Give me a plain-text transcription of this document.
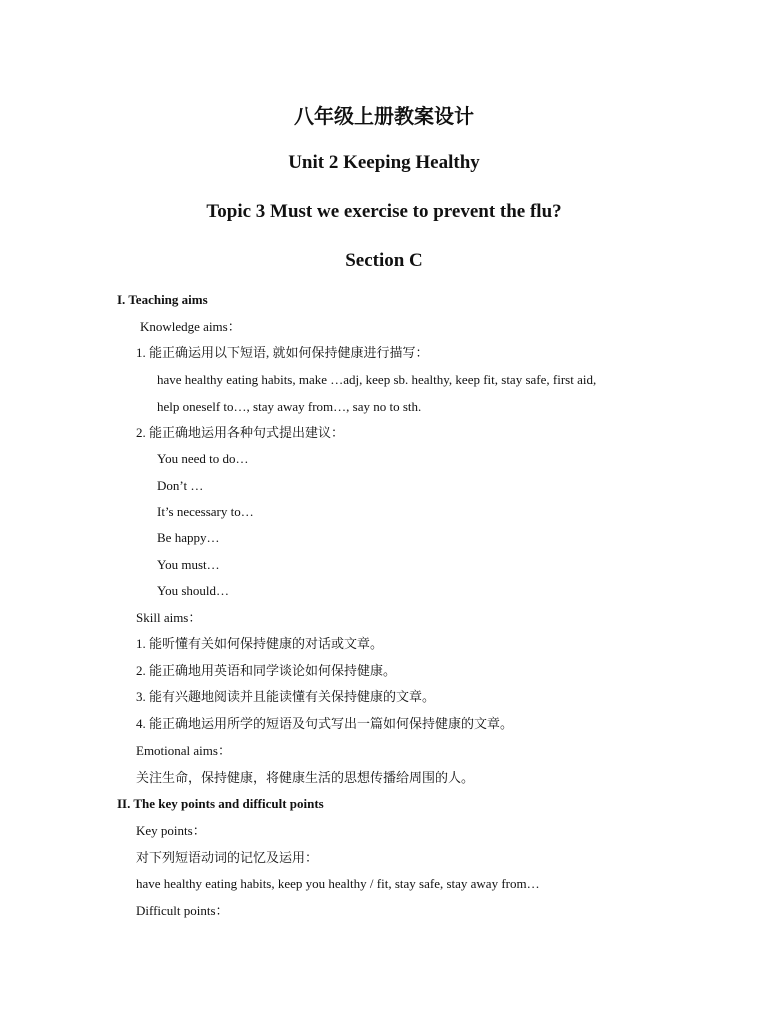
八年级上册教案设计
Unit 2 Keeping Healthy
Topic 3 Must we exercise to prevent the flu?
Section C
I. Teaching aims
Knowledge aims：
1. 能正确运用以下短语, 就如何保持健康进行描写：
have healthy eating habits, make …adj, keep sb. healthy, keep fit, stay safe, first aid,
help oneself to…, stay away from…, say no to sth.
2. 能正确地运用各种句式提出建议：
You need to do…
Don’t …
It’s necessary to…
Be happy…
You must…
You should…
Skill aims：
1. 能听懂有关如何保持健康的对话或文章。
2. 能正确地用英语和同学谈论如何保持健康。
3. 能有兴趣地阅读并且能读懂有关保持健康的文章。
4. 能正确地运用所学的短语及句式写出一篇如何保持健康的文章。
Emotional aims：
关注生命，保持健康，将健康生活的思想传播给周围的人。
II. The key points and difficult points
Key points：
对下列短语动词的记忆及运用：
have healthy eating habits, keep you healthy / fit, stay safe, stay away from…
Difficult points：
